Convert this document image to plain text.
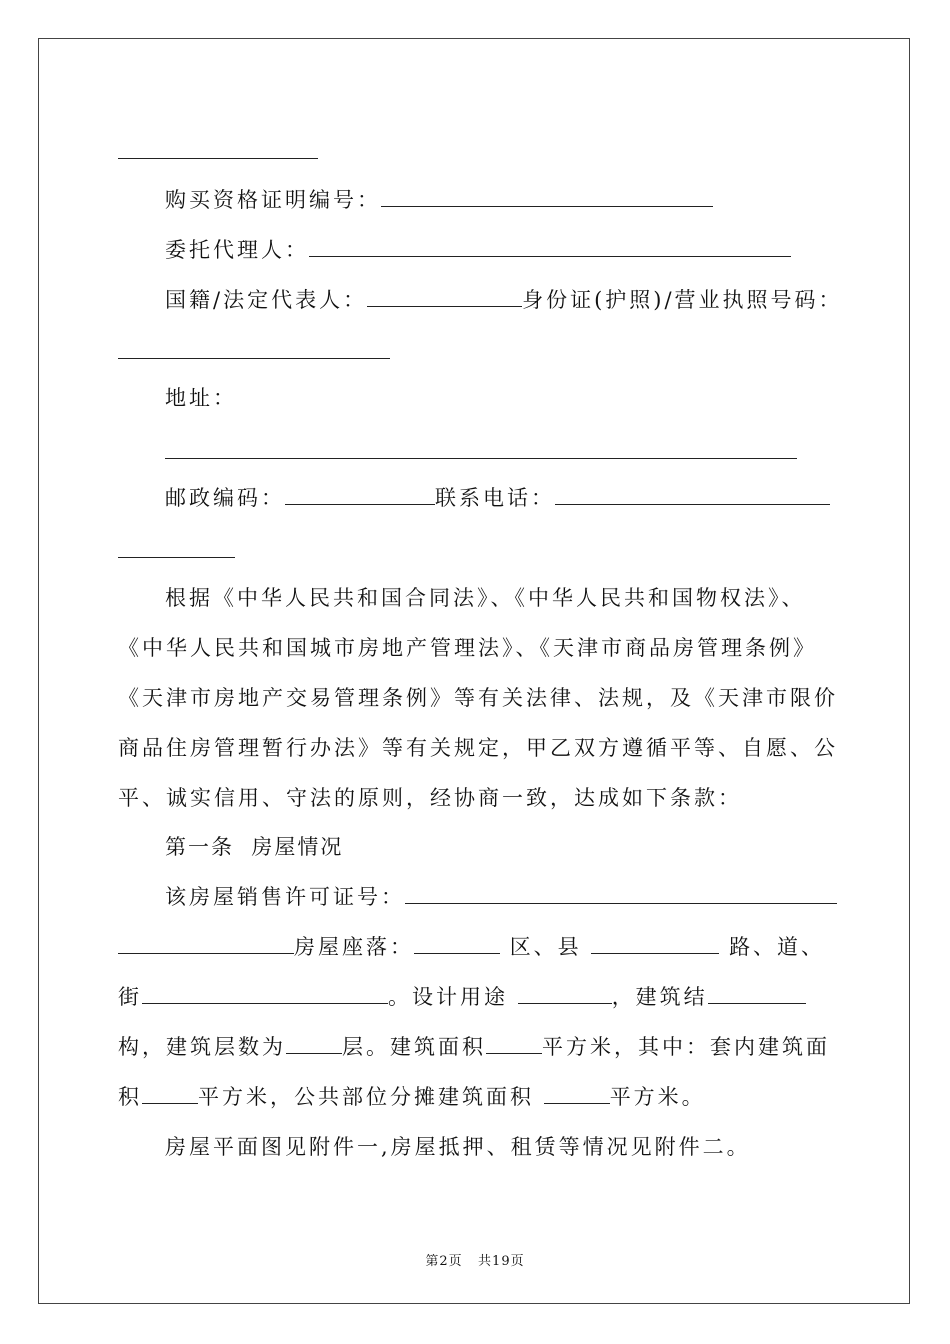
购买资格证明编号：
委托代理人：
国籍/法定代表人：	身份证(护照)/营业执照号码：
地址：
邮政编码：	联系电话：
根据《中华人民共和国合同法》、《中华人民共和国物权法》、
《中华人民共和国城市房地产管理法》、《天津市商品房管理条例》
《天津市房地产交易管理条例》等有关法律、法规，及《天津市限价
商品住房管理暂行办法》等有关规定，甲乙双方遵循平等、自愿、公
平、诚实信用、守法的原则，经协商一致，达成如下条款：
第一条  房屋情况
该房屋销售许可证号：
房屋座落：	区、县	路、道、
街	。设计用途	，建筑结
构，建筑层数为	层。建筑面积	平方米，其中：套内建筑面
积	平方米，公共部位分摊建筑面积	平方米。
房屋平面图见附件一,房屋抵押、租赁等情况见附件二。
第2页   共19页
